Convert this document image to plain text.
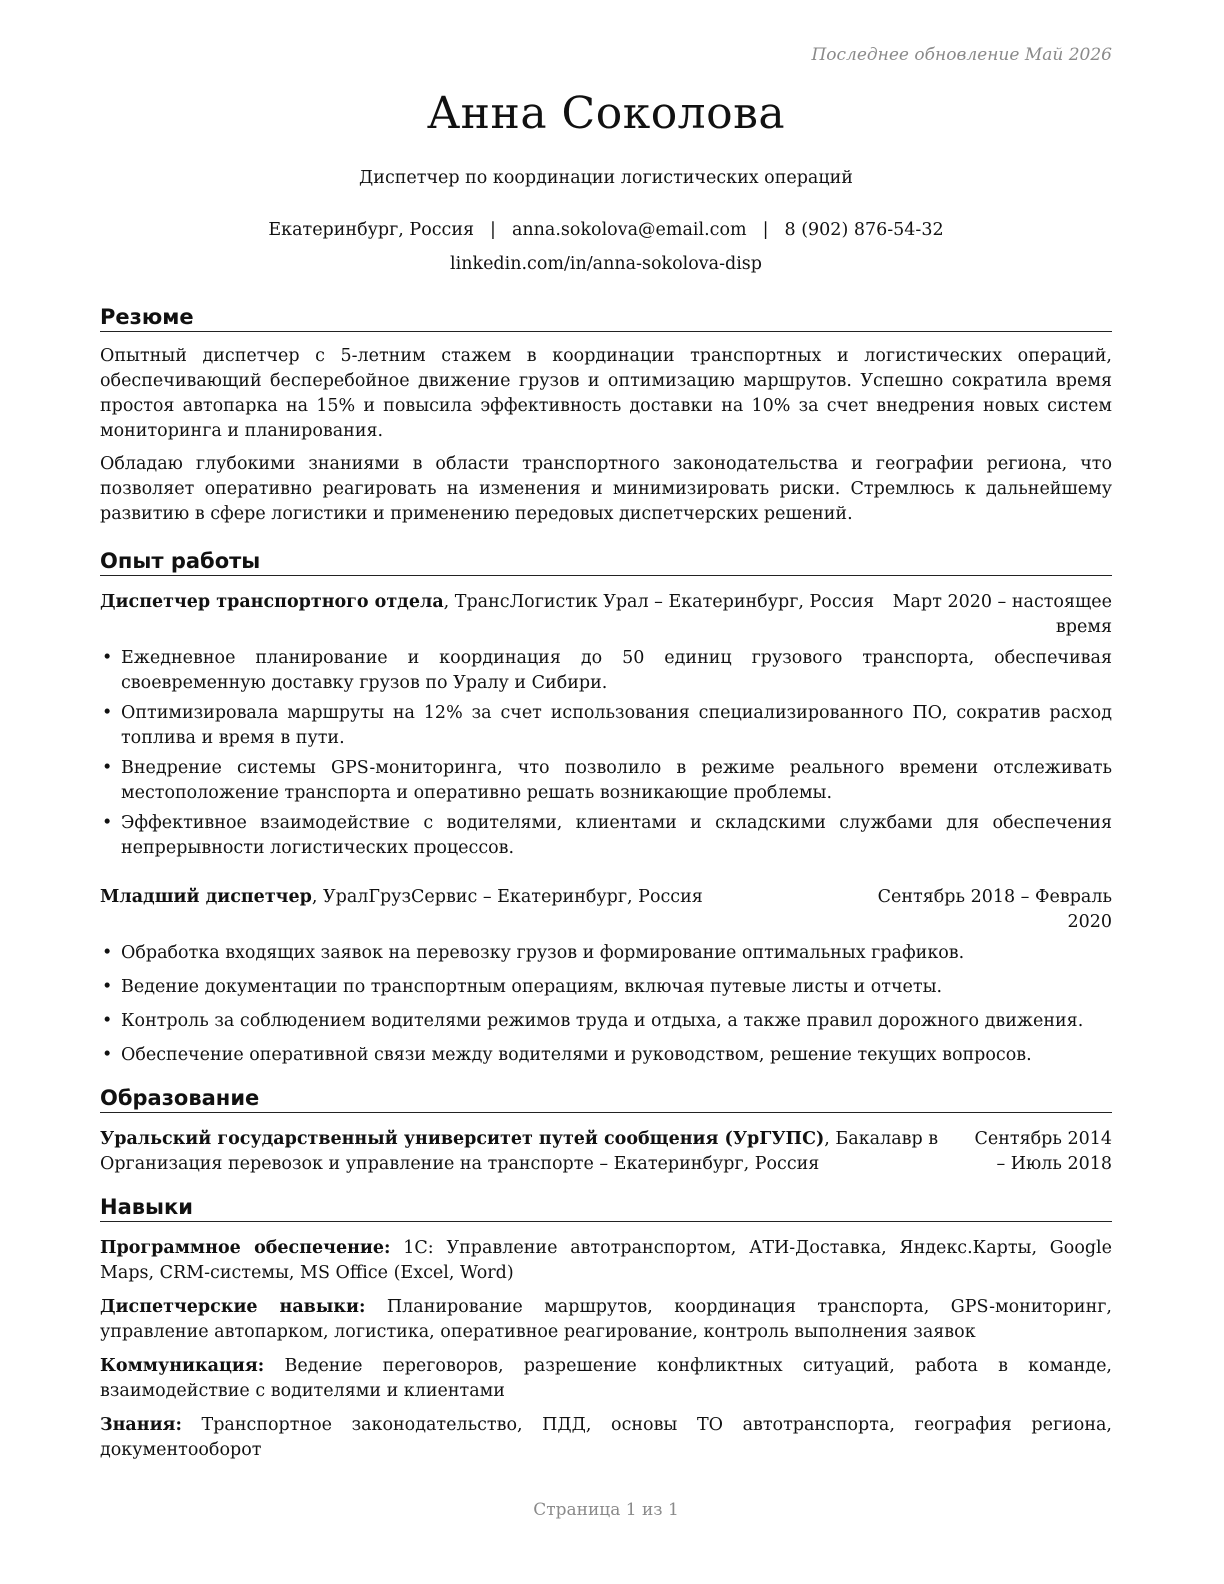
Последнее обновление Май 2026
Анна Соколова
Диспетчер по координации логистических операций
Екатеринбург, Россия | anna.sokolova@email.com | 8 (902) 876-54-32
linkedin.com/in/anna-sokolova-disp
Резюме

Опытный диспетчер с 5-летним стажем в координации транспортных и логистических операций, обеспечивающий бесперебойное движение грузов и оптимизацию маршрутов. Успешно сократила время простоя автопарка на 15% и повысила эффективность доставки на 10% за счет внедрения новых систем мониторинга и планирования.

Обладаю глубокими знаниями в области транспортного законодательства и географии региона, что позволяет оперативно реагировать на изменения и минимизировать риски. Стремлюсь к дальнейшему развитию в сфере логистики и применению передовых диспетчерских решений.

Опыт работы
Диспетчер транспортного отдела, ТрансЛогистик Урал – Екатеринбург, Россия	Март 2020 – настоящее время
• Ежедневное планирование и координация до 50 единиц грузового транспорта, обеспечивая своевременную доставку грузов по Уралу и Сибири.
• Оптимизировала маршруты на 12% за счет использования специализированного ПО, сократив расход топлива и время в пути.
• Внедрение системы GPS-мониторинга, что позволило в режиме реального времени отслеживать местоположение транспорта и оперативно решать возникающие проблемы.
• Эффективное взаимодействие с водителями, клиентами и складскими службами для обеспечения непрерывности логистических процессов.
Младший диспетчер, УралГрузСервис – Екатеринбург, Россия	Сентябрь 2018 – Февраль 2020
• Обработка входящих заявок на перевозку грузов и формирование оптимальных графиков.
• Ведение документации по транспортным операциям, включая путевые листы и отчеты.
• Контроль за соблюдением водителями режимов труда и отдыха, а также правил дорожного движения.
• Обеспечение оперативной связи между водителями и руководством, решение текущих вопросов.
Образование
Уральский государственный университет путей сообщения (УрГУПС), Бакалавр в Организация перевозок и управление на транспорте – Екатеринбург, Россия
Сентябрь 2014 – Июль 2018
Навыки

Программное обеспечение: 1С: Управление автотранспортом, АТИ-Доставка, Яндекс.Карты, Google Maps, CRM-системы, MS Office (Excel, Word)

Диспетчерские навыки: Планирование маршрутов, координация транспорта, GPS-мониторинг, управление автопарком, логистика, оперативное реагирование, контроль выполнения заявок

Коммуникация: Ведение переговоров, разрешение конфликтных ситуаций, работа в команде, взаимодействие с водителями и клиентами

Знания: Транспортное законодательство, ПДД, основы ТО автотранспорта, география региона, документооборот

Страница 1 из 1
